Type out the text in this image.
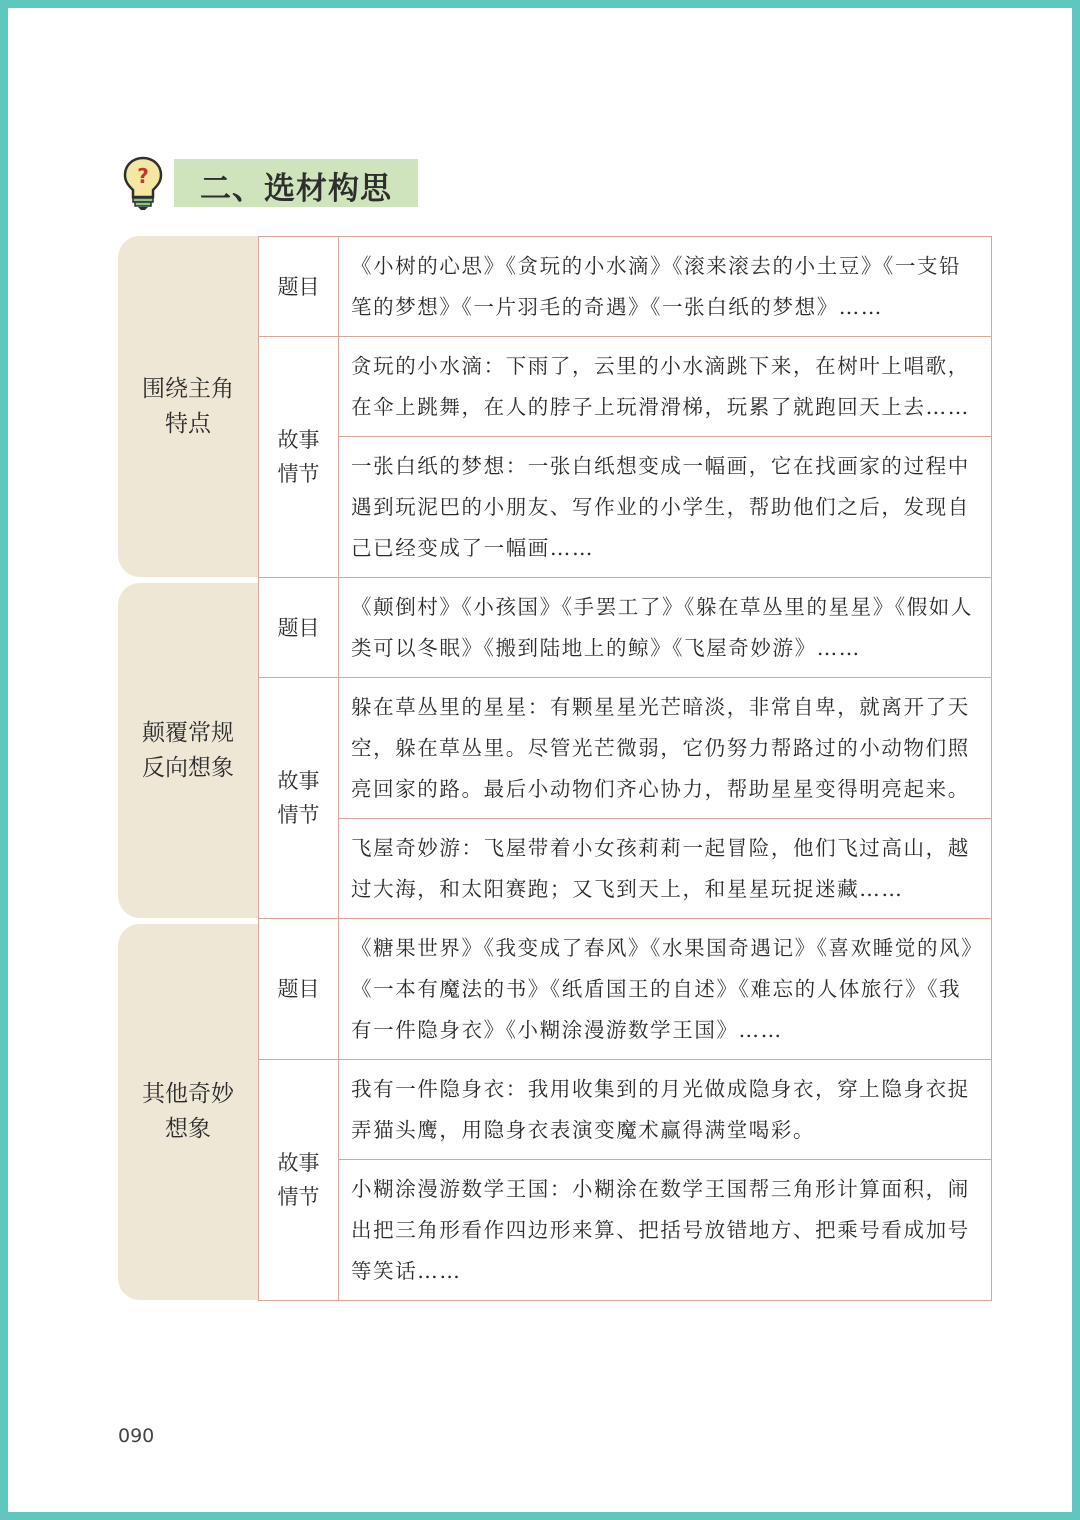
? 二、选材构思
围绕主角
特点
题目
《小树的心思》《贪玩的小水滴》《滚来滚去的小土豆》《一支铅笔的梦想》《一片羽毛的奇遇》《一张白纸的梦想》……
故事
情节
贪玩的小水滴：下雨了，云里的小水滴跳下来，在树叶上唱歌，在伞上跳舞，在人的脖子上玩滑滑梯，玩累了就跑回天上去……
一张白纸的梦想：一张白纸想变成一幅画，它在找画家的过程中遇到玩泥巴的小朋友、写作业的小学生，帮助他们之后，发现自己已经变成了一幅画……
颠覆常规
反向想象
题目
《颠倒村》《小孩国》《手罢工了》《躲在草丛里的星星》《假如人类可以冬眠》《搬到陆地上的鲸》《飞屋奇妙游》……
故事
情节
躲在草丛里的星星：有颗星星光芒暗淡，非常自卑，就离开了天空，躲在草丛里。尽管光芒微弱，它仍努力帮路过的小动物们照亮回家的路。最后小动物们齐心协力，帮助星星变得明亮起来。
飞屋奇妙游：飞屋带着小女孩莉莉一起冒险，他们飞过高山，越过大海，和太阳赛跑；又飞到天上，和星星玩捉迷藏……
其他奇妙
想象
题目
《糖果世界》《我变成了春风》《水果国奇遇记》《喜欢睡觉的风》《一本有魔法的书》《纸盾国王的自述》《难忘的人体旅行》《我有一件隐身衣》《小糊涂漫游数学王国》……
故事
情节
我有一件隐身衣：我用收集到的月光做成隐身衣，穿上隐身衣捉弄猫头鹰，用隐身衣表演变魔术赢得满堂喝彩。
小糊涂漫游数学王国：小糊涂在数学王国帮三角形计算面积，闹出把三角形看作四边形来算、把括号放错地方、把乘号看成加号等笑话……
090
